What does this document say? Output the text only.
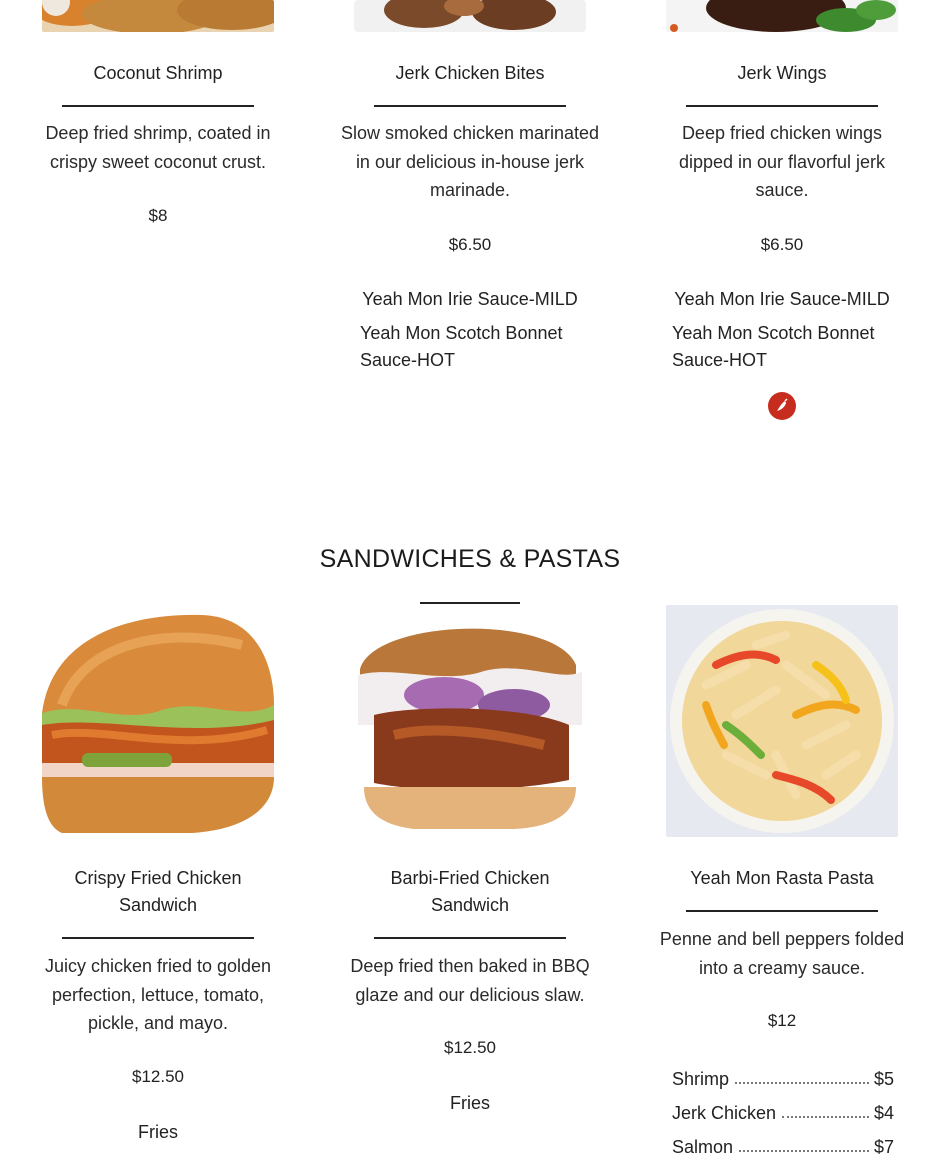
Coconut Shrimp
Deep fried shrimp, coated in crispy sweet coconut crust.
$8
Jerk Chicken Bites
Slow smoked chicken marinated in our delicious in-house jerk marinade.
$6.50
Yeah Mon Irie Sauce-MILD
Yeah Mon Scotch Bonnet Sauce-HOT
Jerk Wings
Deep fried chicken wings dipped in our flavorful jerk sauce.
$6.50
Yeah Mon Irie Sauce-MILD
Yeah Mon Scotch Bonnet Sauce-HOT
SANDWICHES & PASTAS
Crispy Fried Chicken Sandwich
Juicy chicken fried to golden perfection, lettuce, tomato, pickle, and mayo.
$12.50
Fries
Barbi-Fried Chicken Sandwich
Deep fried then baked in BBQ glaze and our delicious slaw.
$12.50
Fries
Yeah Mon Rasta Pasta
Penne and bell peppers folded into a creamy sauce.
$12
Shrimp	$5
Jerk Chicken	$4
Salmon	$7
